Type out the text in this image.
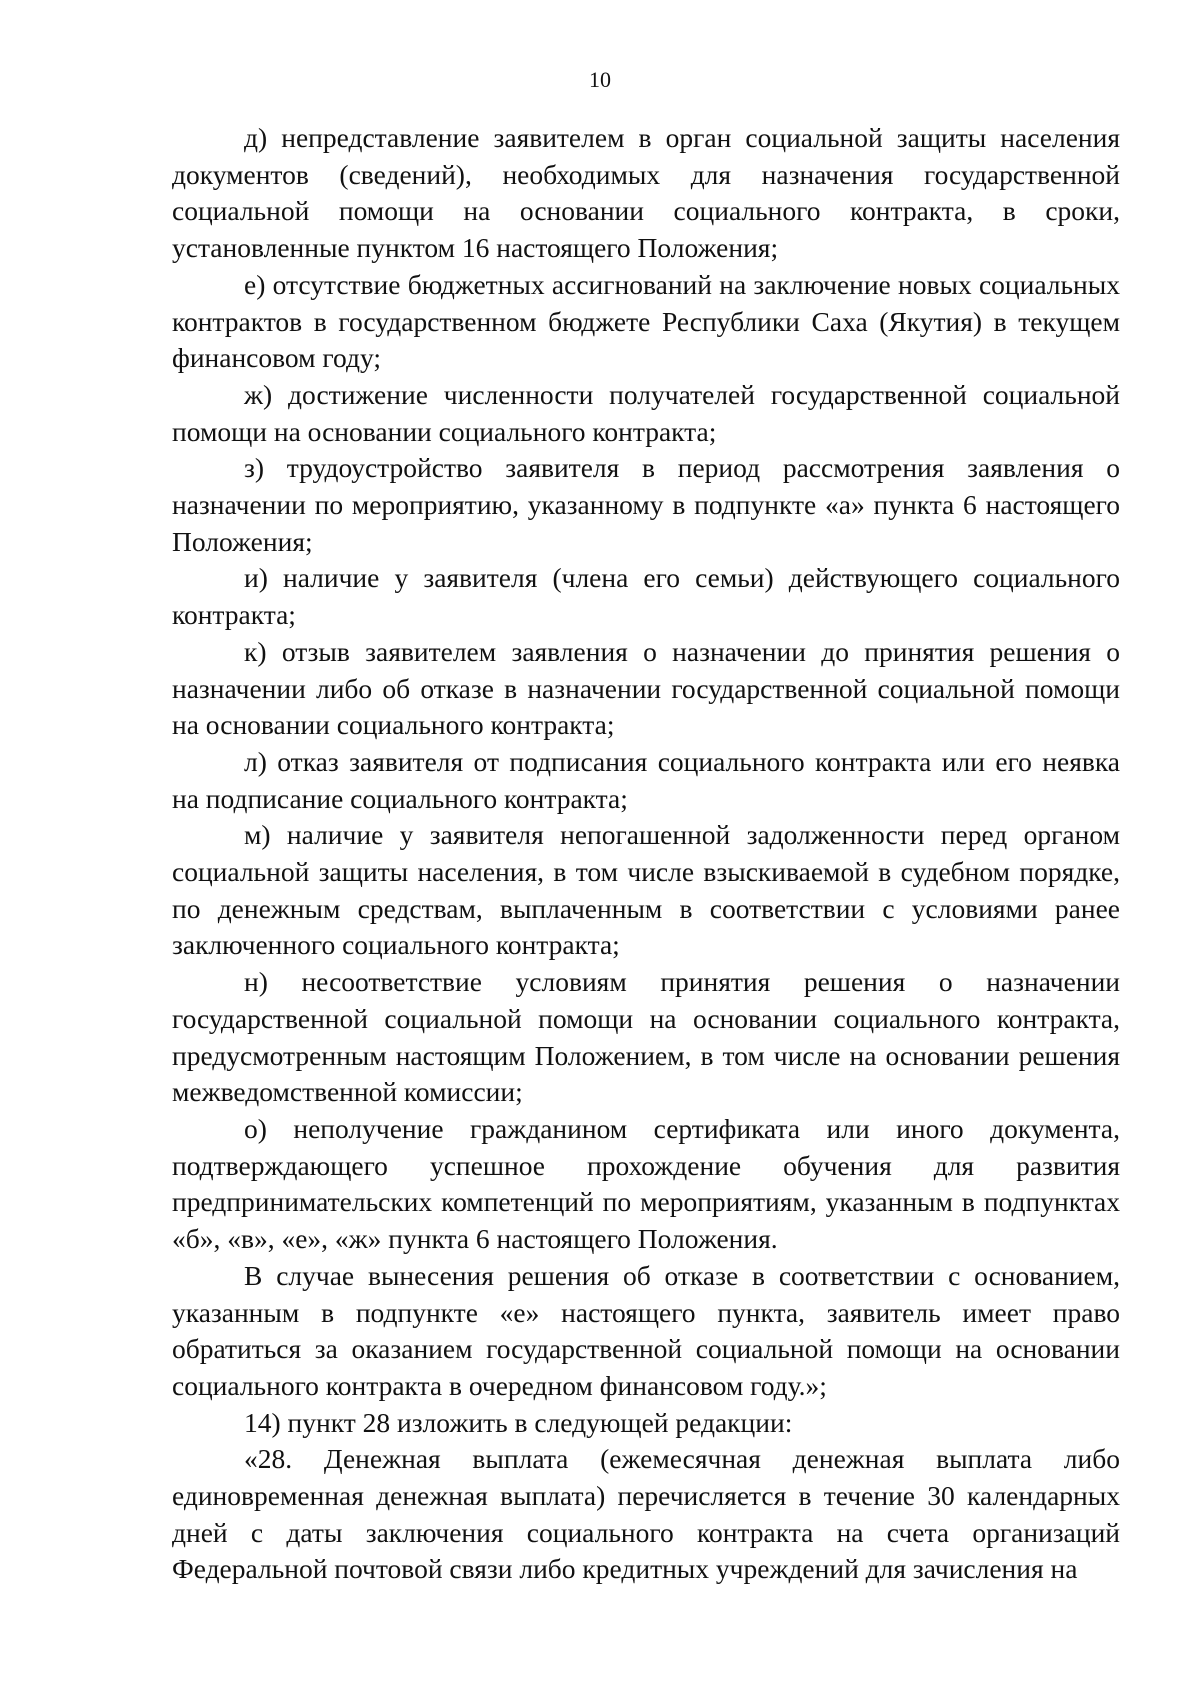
10

д) непредставление заявителем в орган социальной защиты населения документов (сведений), необходимых для назначения государственной социальной помощи на основании социального контракта, в сроки, установленные пунктом 16 настоящего Положения;

е) отсутствие бюджетных ассигнований на заключение новых социальных контрактов в государственном бюджете Республики Саха (Якутия) в текущем финансовом году;

ж) достижение численности получателей государственной социальной помощи на основании социального контракта;

з) трудоустройство заявителя в период рассмотрения заявления о назначении по мероприятию, указанному в подпункте «а» пункта 6 настоящего Положения;

и) наличие у заявителя (члена его семьи) действующего социального контракта;

к) отзыв заявителем заявления о назначении до принятия решения о назначении либо об отказе в назначении государственной социальной помощи на основании социального контракта;

л) отказ заявителя от подписания социального контракта или его неявка на подписание социального контракта;

м) наличие у заявителя непогашенной задолженности перед органом социальной защиты населения, в том числе взыскиваемой в судебном порядке, по денежным средствам, выплаченным в соответствии с условиями ранее заключенного социального контракта;

н) несоответствие условиям принятия решения о назначении государственной социальной помощи на основании социального контракта, предусмотренным настоящим Положением, в том числе на основании решения межведомственной комиссии;

о) неполучение гражданином сертификата или иного документа, подтверждающего успешное прохождение обучения для развития предпринимательских компетенций по мероприятиям, указанным в подпунктах «б», «в», «е», «ж» пункта 6 настоящего Положения.

В случае вынесения решения об отказе в соответствии с основанием, указанным в подпункте «е» настоящего пункта, заявитель имеет право обратиться за оказанием государственной социальной помощи на основании социального контракта в очередном финансовом году.»;

14) пункт 28 изложить в следующей редакции:

«28. Денежная выплата (ежемесячная денежная выплата либо единовременная денежная выплата) перечисляется в течение 30 календарных дней с даты заключения социального контракта на счета организаций Федеральной почтовой связи либо кредитных учреждений для зачисления на
